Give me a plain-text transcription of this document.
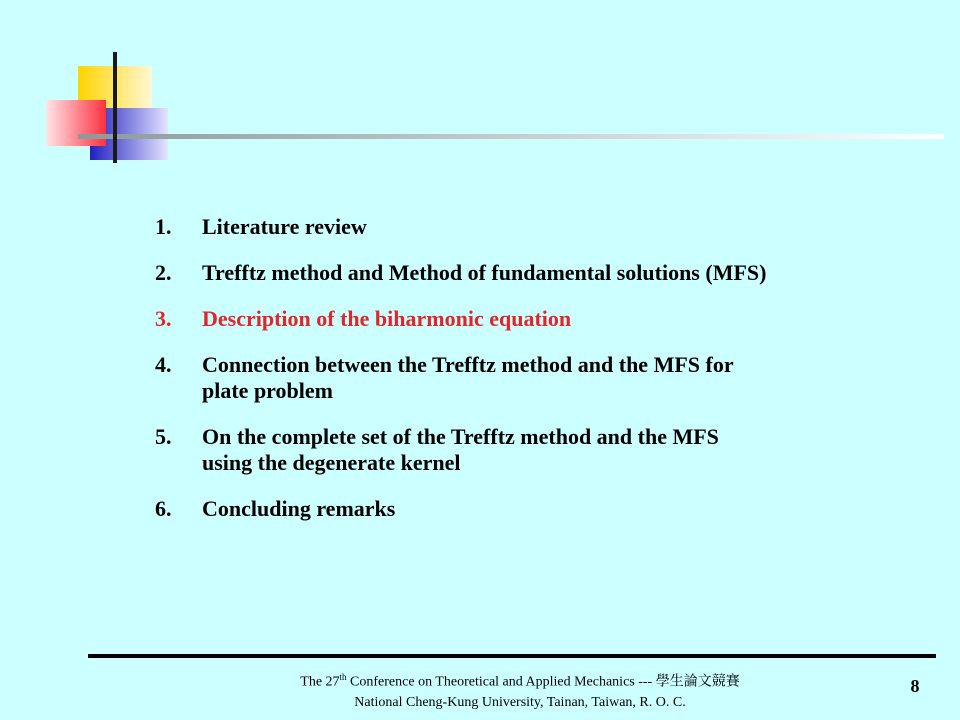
1. Literature review
2. Trefftz method and Method of fundamental solutions (MFS)
3. Description of the biharmonic equation
4. Connection between the Trefftz method and the MFS for
plate problem
5. On the complete set of the Trefftz method and the MFS
using the degenerate kernel
6. Concluding remarks
The 27th Conference on Theoretical and Applied Mechanics --- 學生論文競賽
National Cheng-Kung University, Tainan, Taiwan, R. O. C.
8
